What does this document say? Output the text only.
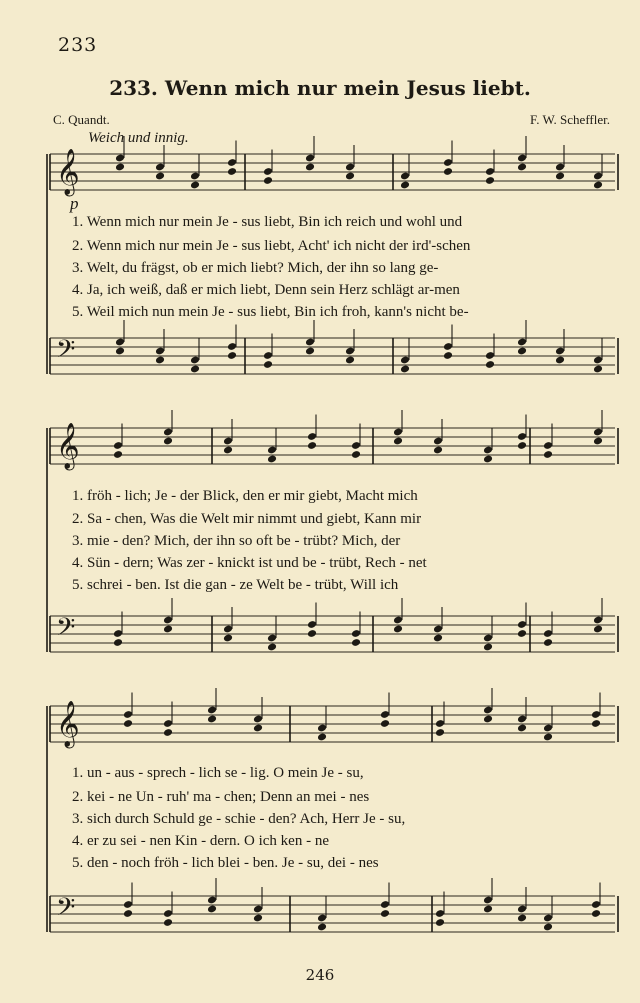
233
233. Wenn mich nur mein Jesus liebt.
C. Quandt.	F. W. Scheffler.
Weich und innig.
p
𝄞
𝄢
𝄞
𝄢
𝄞
𝄢
1. Wenn mich nur mein Je - sus liebt, Bin ich reich und wohl und
2. Wenn mich nur mein Je - sus liebt, Acht' ich nicht der ird'-schen
3. Welt, du frägst, ob er mich liebt? Mich, der ihn so lang ge-
4. Ja, ich weiß, daß er mich liebt, Denn sein Herz schlägt ar-men
5. Weil mich nun mein Je - sus liebt, Bin ich froh, kann's nicht be-
1. fröh - lich; Je - der Blick, den er mir giebt, Macht mich
2. Sa - chen, Was die Welt mir nimmt und giebt, Kann mir
3. mie - den? Mich, der ihn so oft be - trübt? Mich, der
4. Sün - dern; Was zer - knickt ist und be - trübt, Rech - net
5. schrei - ben. Ist die gan - ze Welt be - trübt, Will ich
1. un - aus - sprech - lich se - lig. O mein Je - su,
2. kei - ne Un - ruh' ma - chen; Denn an mei - nes
3. sich durch Schuld ge - schie - den? Ach, Herr Je - su,
4. er zu sei - nen Kin - dern. O ich ken - ne
5. den - noch fröh - lich blei - ben. Je - su, dei - nes
246
